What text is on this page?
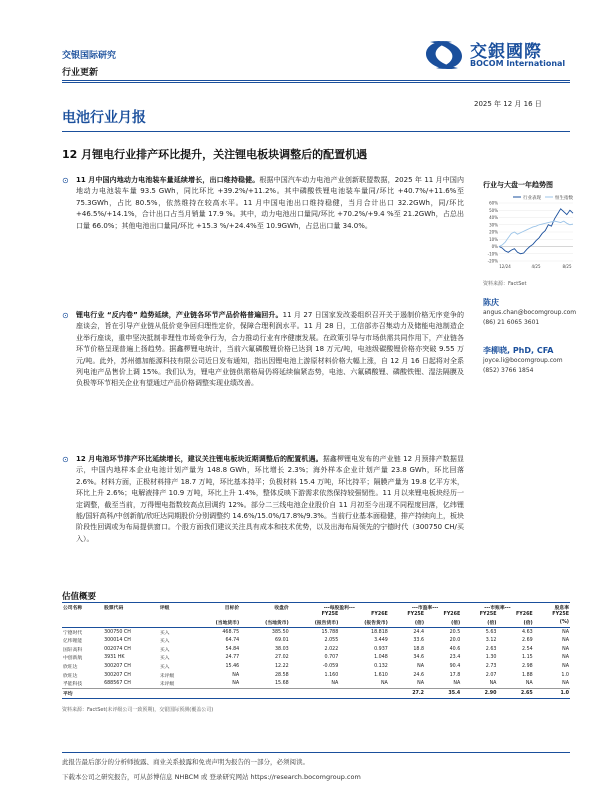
交银国际研究
行业更新
交銀國際
BOCOM International
2025 年 12 月 16 日
电池行业月报
12 月锂电行业排产环比提升，关注锂电板块调整后的配置机遇
⊙	11 月中国内地动力电池装车量延续增长，出口维持稳健。根据中国汽车动力电池产业创新联盟数据，2025 年 11 月中国内地动力电池装车量 93.5 GWh，同比环比 +39.2%/+11.2%。其中磷酸铁锂电池装车量同/环比 +40.7%/+11.6%至 75.3GWh，占比 80.5%，依然维持在较高水平。11 月中国电池出口维持稳健，当月合计出口 32.2GWh，同/环比 +46.5%/+14.1%，合计出口占当月销量 17.9 %。其中，动力电池出口量同/环比 +70.2%/+9.4 %至 21.2GWh，占总出口量 66.0%；其他电池出口量同/环比 +15.3 %/+24.4%至 10.9GWh，占总出口量 34.0%。
⊙	锂电行业 “反内卷” 趋势延续，产业链各环节产品价格普遍回升。11 月 27 日国家发改委组织召开关于遏制价格无序竞争的座谈会，旨在引导产业链从低价竞争回归理性定价，保障合理利润水平。11 月 28 日，工信部亦召集动力及储能电池制造企业举行座谈，重申坚决抵制非理性市场竞争行为，合力推动行业有序健康发展。在政策引导与市场供需共同作用下，产业链各环节价格呈现普遍上扬趋势。据鑫椤锂电统计，当前六氟磷酸锂价格已达到 18 万元/吨，电池级碳酸锂价格亦突破 9.55 万元/吨。此外，苏州德加能源科技有限公司近日发布通知，指出因锂电池上游原材料价格大幅上涨，自 12 月 16 日起将对全系列电池产品售价上调 15%。我们认为，锂电产业链供需格局仍将延续偏紧态势，电池、六氟磷酸锂、磷酸铁锂、湿法隔膜及负极等环节相关企业有望通过产品价格调整实现业绩改善。
⊙	12 月电池环节排产环比延续增长，建议关注锂电板块近期调整后的配置机遇。据鑫椤锂电发布的产业链 12 月预排产数据显示，中国内地样本企业电池计划产量为 148.8 GWh，环比增长 2.3%；海外样本企业计划产量 23.8 GWh，环比回落 2.6%。材料方面，正极材料排产 18.7 万吨，环比基本持平；负极材料 15.4 万吨，环比持平；隔膜产量为 19.8 亿平方米，环比上升 2.6%；电解液排产 10.9 万吨，环比上升 1.4%，整体反映下游需求依然保持较强韧性。11 月以来锂电板块经历一定调整，截至当前，万得锂电指数较高点回调约 12%。部分二三线电池企业股价自 11 月初至今出现不同程度回落，亿纬锂能/国轩高科/中创新航/欣旺达同期股价分别调整约 14.6%/15.0%/17.8%/9.3%。当前行业基本面稳健，排产持续向上，板块阶段性回调或为布局提供窗口。个股方面我们建议关注具有成本和技术优势，以及出海布局领先的宁德时代（300750 CH/买入）。
行业与大盘一年趋势图
60%
50%
40%
30%
20%
10%
0%
-10%
-20%
12/24	4/25	8/25
行业表现	恒生指数
资料来源：FactSet
陈庆
angus.chan@bocomgroup.com
(86) 21 6065 3601
李柳晓, PhD, CFA
joyce.li@bocomgroup.com
(852) 3766 1854
估值概要
公司名称	股票代码	评级	目标价	收盘价	---每股盈利---		---市盈率---		---市账率---		股息率
					FY25E	FY26E	FY25E	FY26E	FY25E	FY26E	FY25E
			(当地货币)	(当地货币)	(报告货币)	(报告货币)	(倍)	(倍)	(倍)	(倍)	(%)
宁德时代	300750 CH	买入	468.75	385.50	15.788	18.818	24.4	20.5	5.63	4.63	NA
亿纬锂能	300014 CH	买入	64.74	69.01	2.055	3.449	33.6	20.0	3.12	2.69	NA
国轩高科	002074 CH	买入	54.84	38.03	2.022	0.937	18.8	40.6	2.63	2.54	NA
中创新航	3931 HK	买入	24.77	27.02	0.707	1.048	34.6	23.4	1.30	1.15	NA
欣旺达	300207 CH	买入	15.46	12.22	-0.059	0.132	NA	90.4	2.73	2.98	NA
欣旺达	300207 CH	未评级	NA	28.58	1.160	1.610	24.6	17.8	2.07	1.88	1.0
孚能科技	688567 CH	未评级	NA	15.68	NA	NA	NA	NA	NA	NA	NA
平均							27.2	35.4	2.90	2.65	1.0
资料来源：FactSet(未评级公司一致预期)，交银国际预测(覆盖公司)
此报告最后部分的分析师披露、商业关系披露和免责声明为报告的一部分，必须阅读。
下载本公司之研究报告，可从彭博信息 NHBCM 或 登录研究网站 https://research.bocomgroup.com
